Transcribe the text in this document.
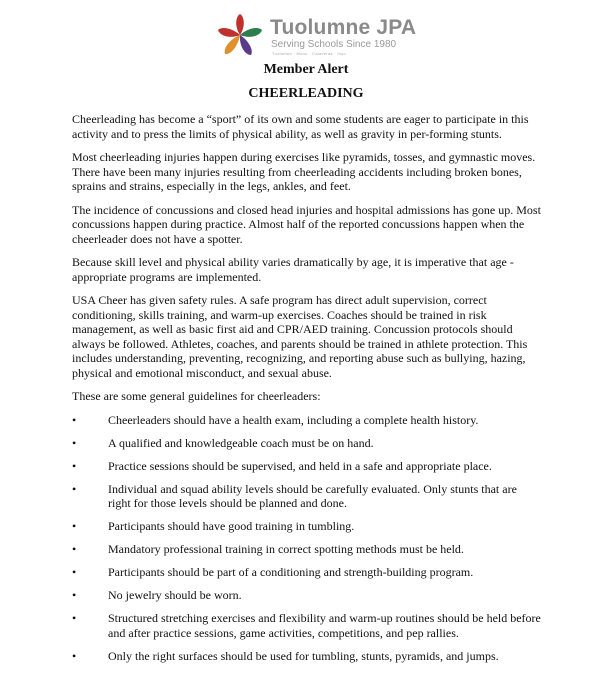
Tuolumne JPA
Serving Schools Since 1980
Tuolumne · Mono · Calaveras · Inyo
Member Alert
CHEERLEADING

Cheerleading has become a “sport” of its own and some students are eager to participate in this activity and to press the limits of physical ability, as well as gravity in per-forming stunts.

Most cheerleading injuries happen during exercises like pyramids, tosses, and gymnastic moves. There have been many injuries resulting from cheerleading accidents including broken bones, sprains and strains, especially in the legs, ankles, and feet.

The incidence of concussions and closed head injuries and hospital admissions has gone up. Most concussions happen during practice. Almost half of the reported concussions happen when the cheerleader does not have a spotter.

Because skill level and physical ability varies dramatically by age, it is imperative that age - appropriate programs are implemented.

USA Cheer has given safety rules. A safe program has direct adult supervision, correct conditioning, skills training, and warm-up exercises. Coaches should be trained in risk management, as well as basic first aid and CPR/AED training. Concussion protocols should always be followed. Athletes, coaches, and parents should be trained in athlete protection. This includes understanding, preventing, recognizing, and reporting abuse such as bullying, hazing, physical and emotional misconduct, and sexual abuse.

These are some general guidelines for cheerleaders:

•	Cheerleaders should have a health exam, including a complete health history.
•	A qualified and knowledgeable coach must be on hand.
•	Practice sessions should be supervised, and held in a safe and appropriate place.
•	Individual and squad ability levels should be carefully evaluated. Only stunts that are right for those levels should be planned and done.
•	Participants should have good training in tumbling.
•	Mandatory professional training in correct spotting methods must be held.
•	Participants should be part of a conditioning and strength-building program.
•	No jewelry should be worn.
•	Structured stretching exercises and flexibility and warm-up routines should be held before and after practice sessions, game activities, competitions, and pep rallies.
•	Only the right surfaces should be used for tumbling, stunts, pyramids, and jumps.
